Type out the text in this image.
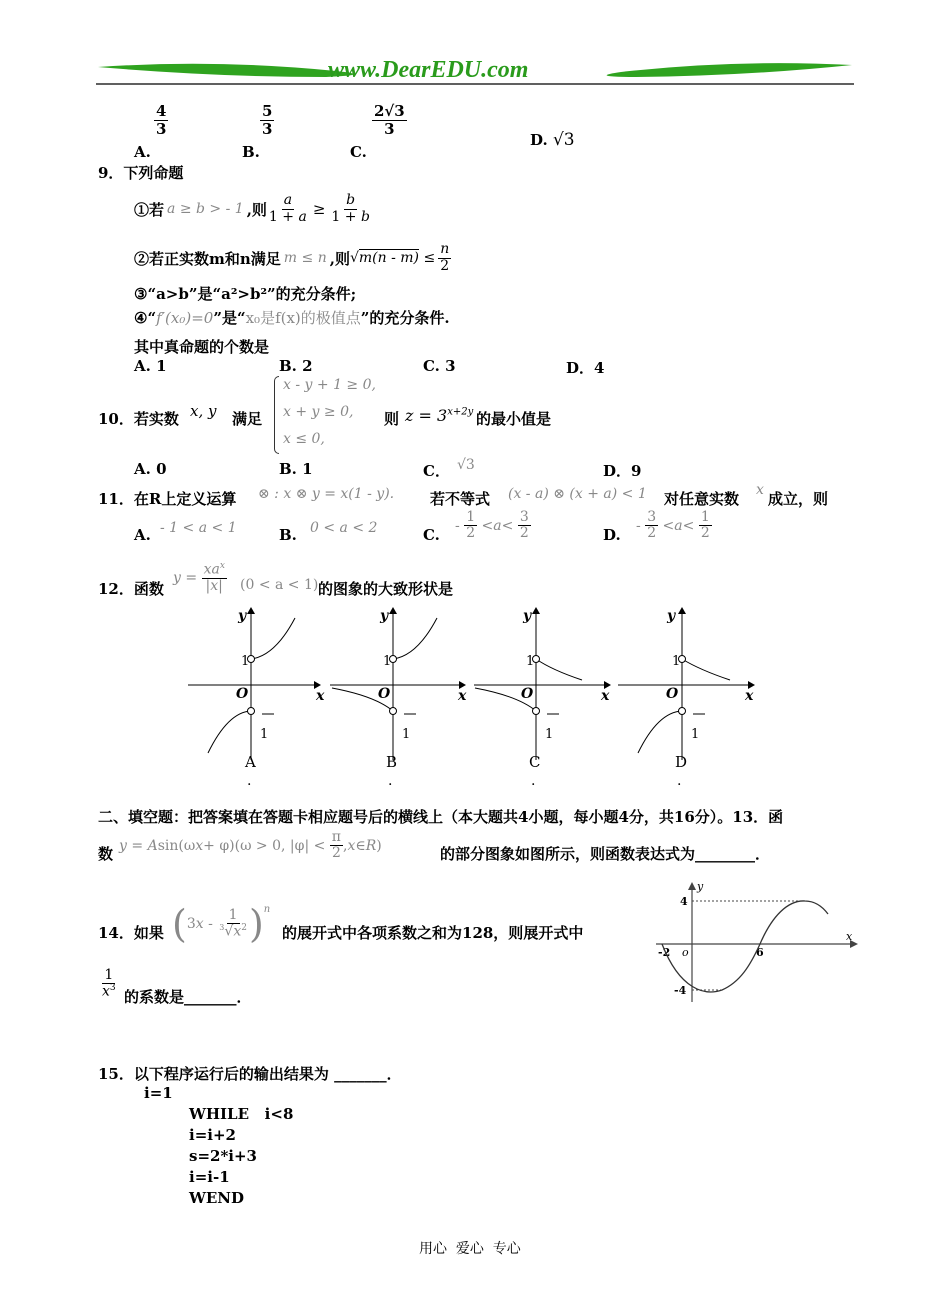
www.DearEDU.com
A.
$\frac{4}{3}$
B.
$\frac{5}{3}$
C.
$\frac{2√3}{3}$
D. √3
9．下列命题
①若 a ≥ b > - 1 ,则 $\frac{a}{1 + a} \ge \frac{b}{1 + b}$
②若正实数m和n满足 m ≤ n ,则 $√m(n - m) \le \frac{n}{2}$
③“a>b”是“a²>b²”的充分条件;
④“ f′(x₀)=0 ”是“ x₀是f(x)的极值点 ”的充分条件.
其中真命题的个数是
A. 1	B. 2	C. 3	D．4
10．若实数 x, y 满足
x - y + 1 ≥ 0,
x + y ≥ 0,
x ≤ 0,
则 $z = 3^{x+2y}$ 的最小值是
A. 0	B. 1	C． √3	D．9
11．在R上定义运算 ⊗ : x ⊗ y = x(1 - y). 若不等式 (x - a) ⊗ (x + a) < 1 对任意实数 x 成立，则
A. - 1 < a < 1	B. 0 < a < 2	C.
- $\frac{1}{2} < a < \frac{3}{2}$	D.
- $\frac{3}{2} < a < \frac{1}{2}$
12．函数
$y = \frac{xa^x}{|x|} (0 < a < 1)$ 的图象的大致形状是
y
x
O
1
1
y
x
O
1
1
y
x
O
1
1
y
x
O
1
1
A	B	C	D
.	.	.	.
二、填空题：把答案填在答题卡相应题号后的横线上（本大题共4小题，每小题4分，共16分）。13．函
数 y = A sin(ω x + φ)(ω > 0, $|\varphi| < \frac{\pi}{2}$ , x ∈ R )	的部分图象如图所示，则函数表达式为________．
y
x
4
-4
-2 o	6
14．如果 ( 3 x - $\frac{1}{^3√x^2}$ ) $^n$
的展开式中各项系数之和为128，则展开式中
$\frac{1}{x^3}$ 的系数是_______．
15．以下程序运行后的输出结果为 _______．
i=1
WHILE   i<8
i=i+2
s=2*i+3
i=i-1
WEND
用心  爱心  专心
